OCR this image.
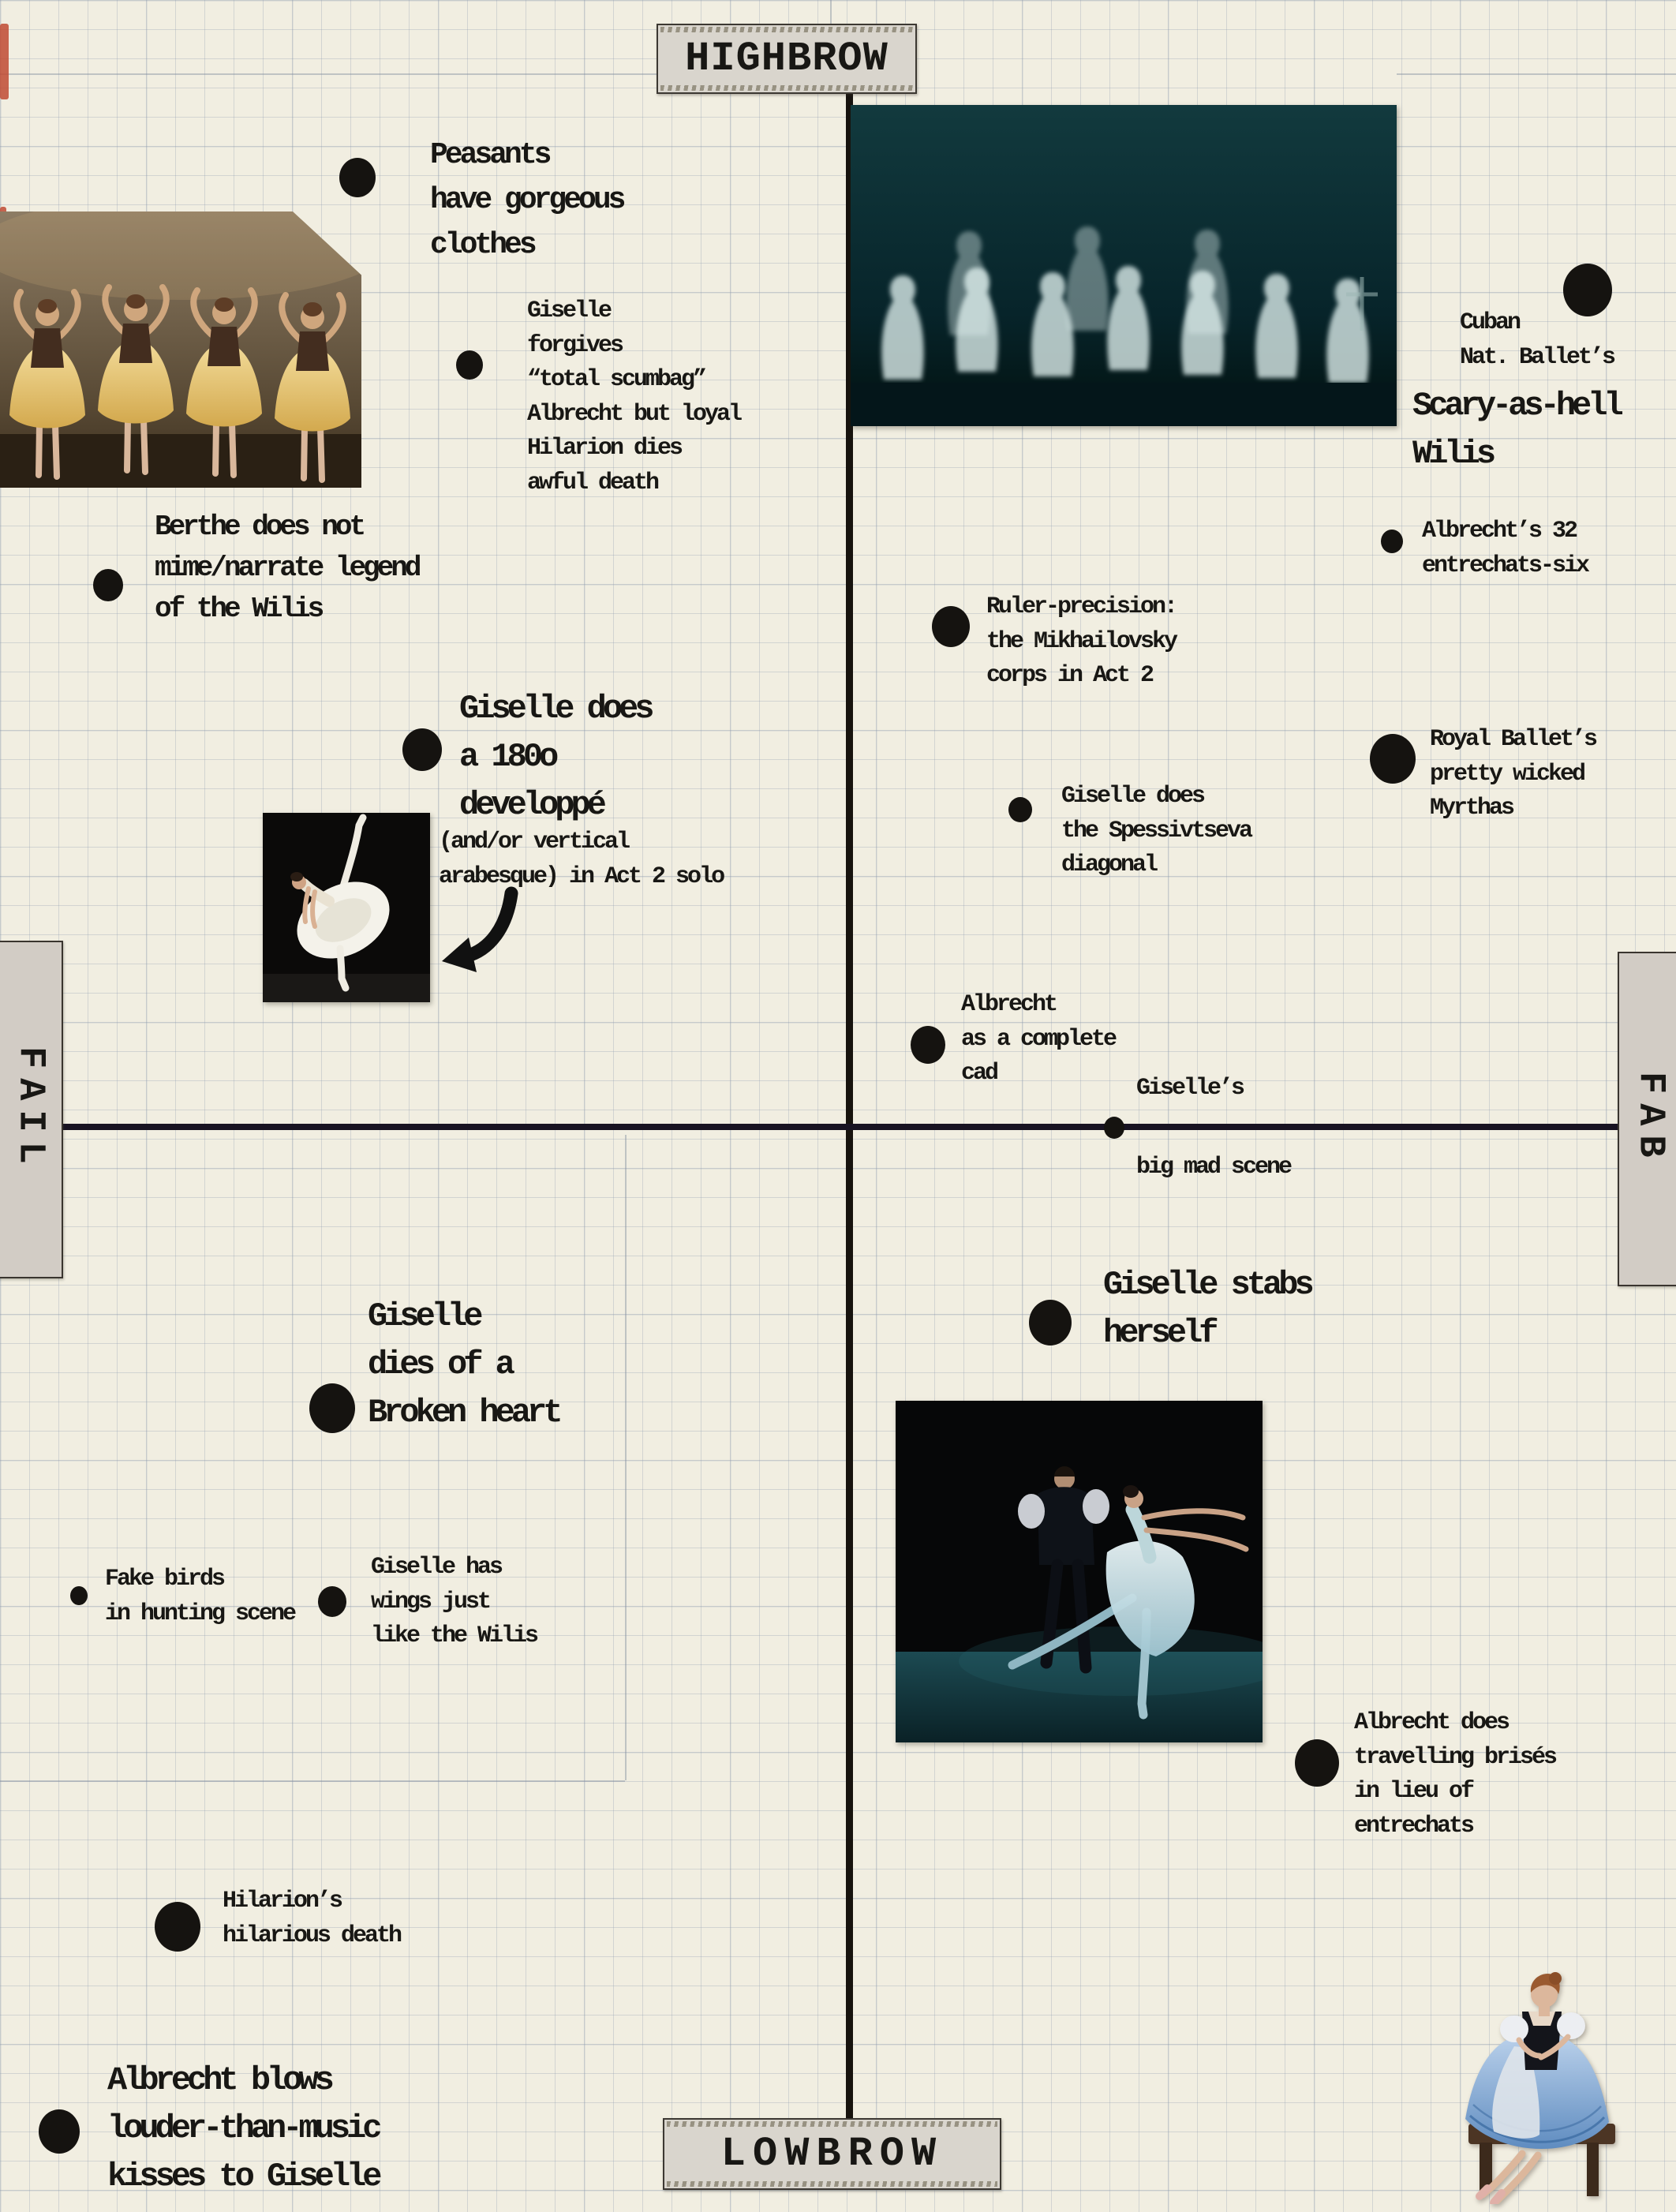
HIGHBROW
LOWBROW
FAIL	FAB
Peasants
have gorgeous
clothes
Giselle
forgives
“total scumbag”
Albrecht but loyal
Hilarion dies
awful death
Berthe does not
mime/narrate legend
of the Wilis
Giselle does
a 180o
developpé
(and/or vertical
arabesque) in Act 2 solo
Cuban
Nat. Ballet’s
Scary-as-hell
Wilis
Albrecht’s 32
entrechats-six
Ruler-precision:
the Mikhailovsky
corps in Act 2
Giselle does
the Spessivtseva
diagonal
Royal Ballet’s
pretty wicked
Myrthas
Albrecht
as a complete
cad
Giselle’s
big mad scene
Giselle stabs
herself
Giselle
dies of a
Broken heart
Fake birds
in hunting scene
Giselle has
wings just
like the Wilis
Albrecht does
travelling brisés
in lieu of
entrechats
Hilarion’s
hilarious death
Albrecht blows
louder-than-music
kisses to Giselle
